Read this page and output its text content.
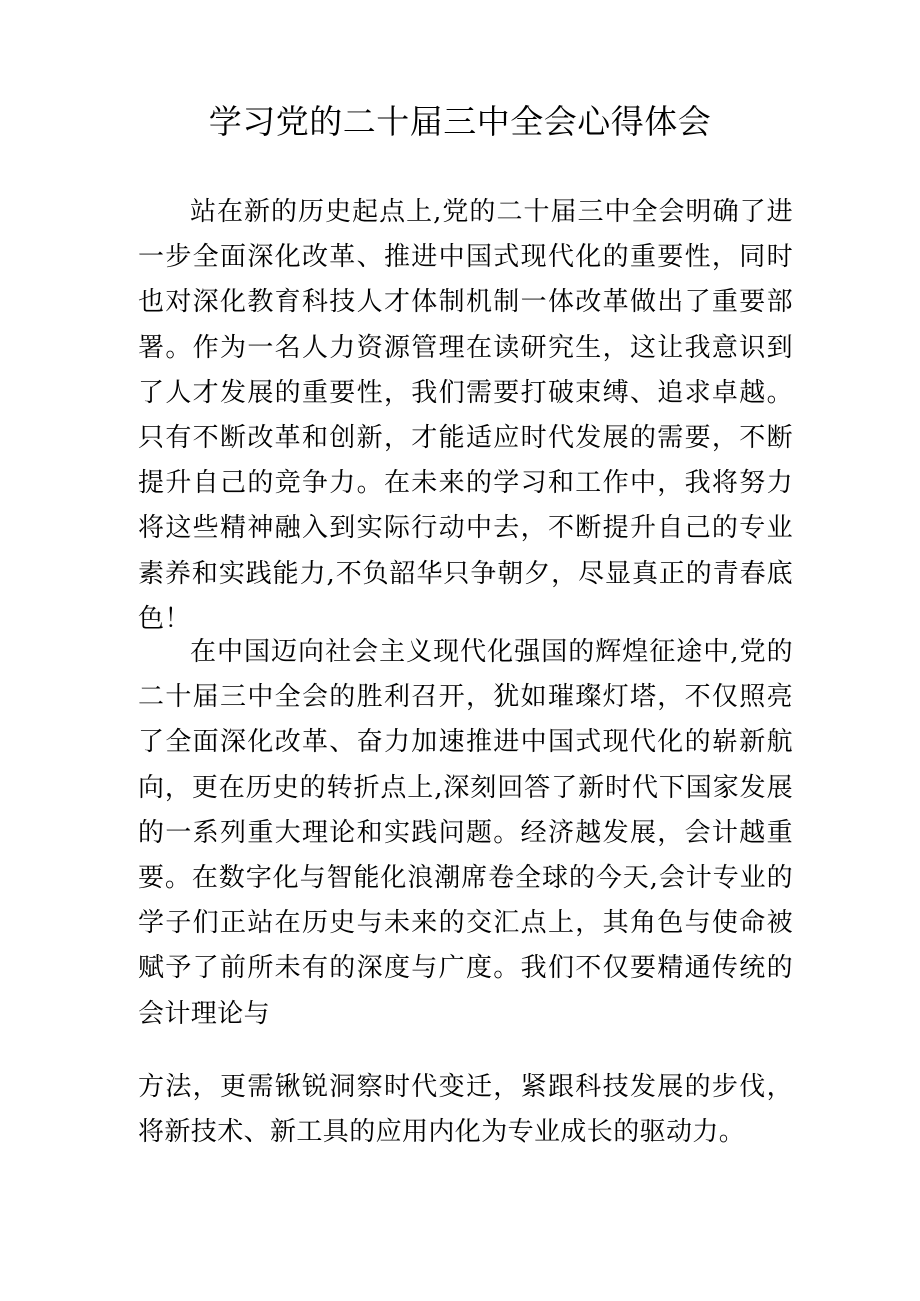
学习党的二十届三中全会心得体会

站在新的历史起点上,党的二十届三中全会明确了进一步全面深化改革、推进中国式现代化的重要性，同时也对深化教育科技人才体制机制一体改革做出了重要部署。作为一名人力资源管理在读研究生，这让我意识到了人才发展的重要性，我们需要打破束缚、追求卓越。只有不断改革和创新，才能适应时代发展的需要，不断提升自己的竞争力。在未来的学习和工作中，我将努力将这些精神融入到实际行动中去，不断提升自己的专业素养和实践能力,不负韶华只争朝夕，尽显真正的青春底色！

在中国迈向社会主义现代化强国的辉煌征途中,党的二十届三中全会的胜利召开，犹如璀璨灯塔，不仅照亮了全面深化改革、奋力加速推进中国式现代化的崭新航向，更在历史的转折点上,深刻回答了新时代下国家发展的一系列重大理论和实践问题。经济越发展，会计越重要。在数字化与智能化浪潮席卷全球的今天,会计专业的学子们正站在历史与未来的交汇点上，其角色与使命被赋予了前所未有的深度与广度。我们不仅要精通传统的会计理论与

方法，更需锹锐洞察时代变迁，紧跟科技发展的步伐，将新技术、新工具的应用内化为专业成长的驱动力。
